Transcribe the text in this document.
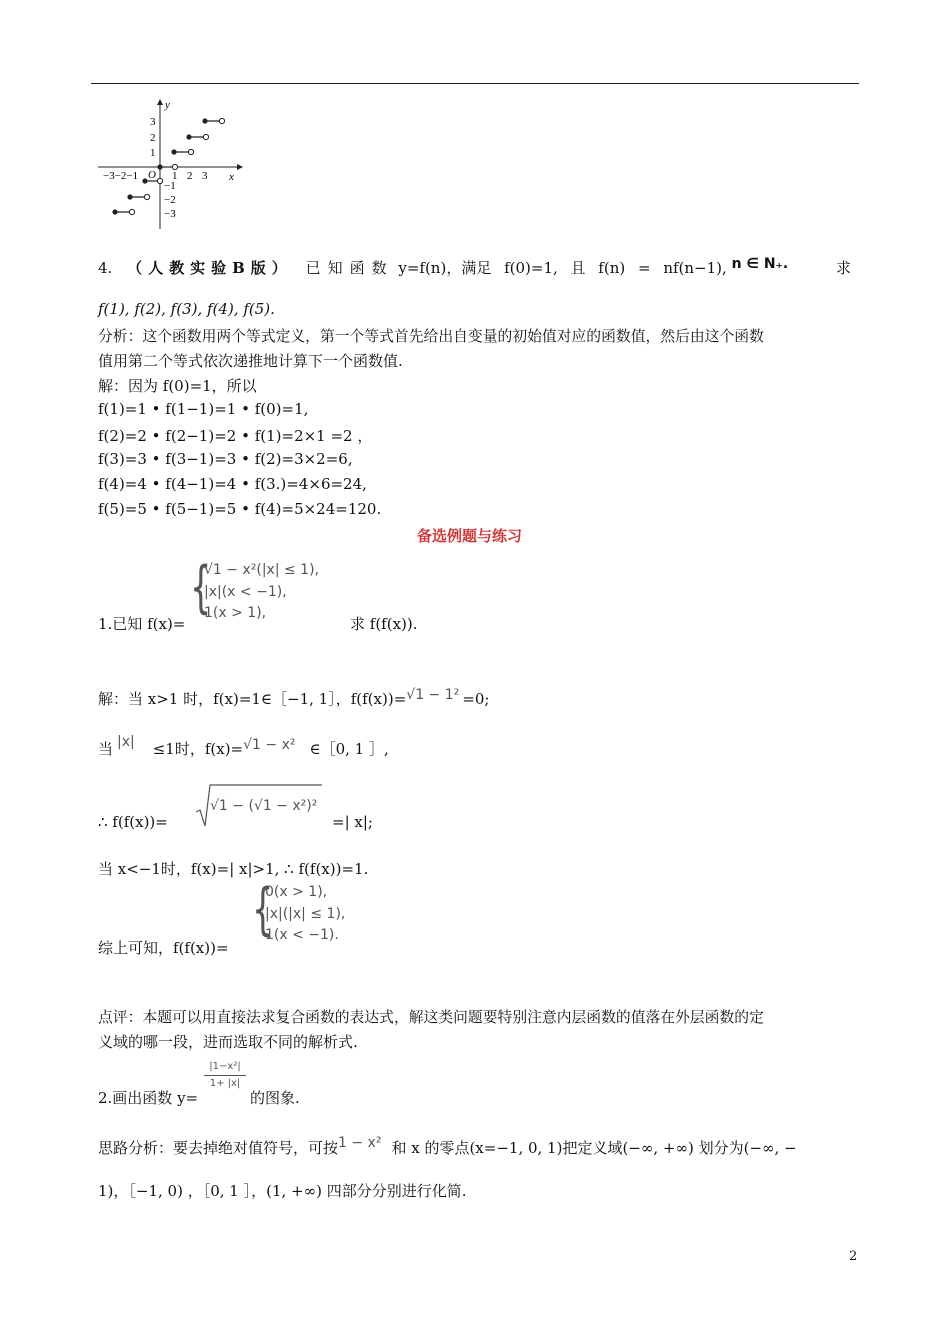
y
x
O
−3−2−1	1 2 3
3
2
1
−1
−2
−3
4. （人教实验B版） 已知函数 y=f(n)，满足 f(0)=1, 且 f(n) = nf(n−1), n ∈ N₊.	求
f(1), f(2), f(3), f(4), f(5).
分析：这个函数用两个等式定义，第一个等式首先给出自变量的初始值对应的函数值，然后由这个函数
值用第二个等式依次递推地计算下一个函数值.
解：因为 f(0)=1，所以
f(1)=1 • f(1−1)=1 • f(0)=1,
f(2)=2 • f(2−1)=2 • f(1)=2×1 =2 ，
f(3)=3 • f(3−1)=3 • f(2)=3×2=6,
f(4)=4 • f(4−1)=4 • f(3.)=4×6=24,
f(5)=5 • f(5−1)=5 • f(4)=5×24=120.
备选例题与练习
{
√1 − x²(|x| ≤ 1),
|x|(x < −1),
1(x > 1),
1.已知 f(x)=	求 f(f(x)).
解：当 x>1 时，f(x)=1∈［−1, 1］，f(f(x))=√1 − 1² =0;
当 |x| ≤1时，f(x)=√1 − x² ∈［0, 1 ］,
∴ f(f(x))=
√1 − (√1 − x²)²
=| x|;
当 x<−1时，f(x)=| x|>1, ∴ f(f(x))=1.
{
0(x > 1),
|x|(|x| ≤ 1),
1(x < −1).
综上可知，f(f(x))=
点评：本题可以用直接法求复合函数的表达式，解这类问题要特别注意内层函数的值落在外层函数的定
义域的哪一段，进而选取不同的解析式.
|1−x²|
1+ |x|
2.画出函数 y=	的图象.
思路分析：要去掉绝对值符号，可按1 − x² 和 x 的零点(x=−1, 0, 1)把定义域(−∞, +∞) 划分为(−∞, −
1)，［−1, 0) ，［0, 1 ］，(1, +∞) 四部分分别进行化简.
2
